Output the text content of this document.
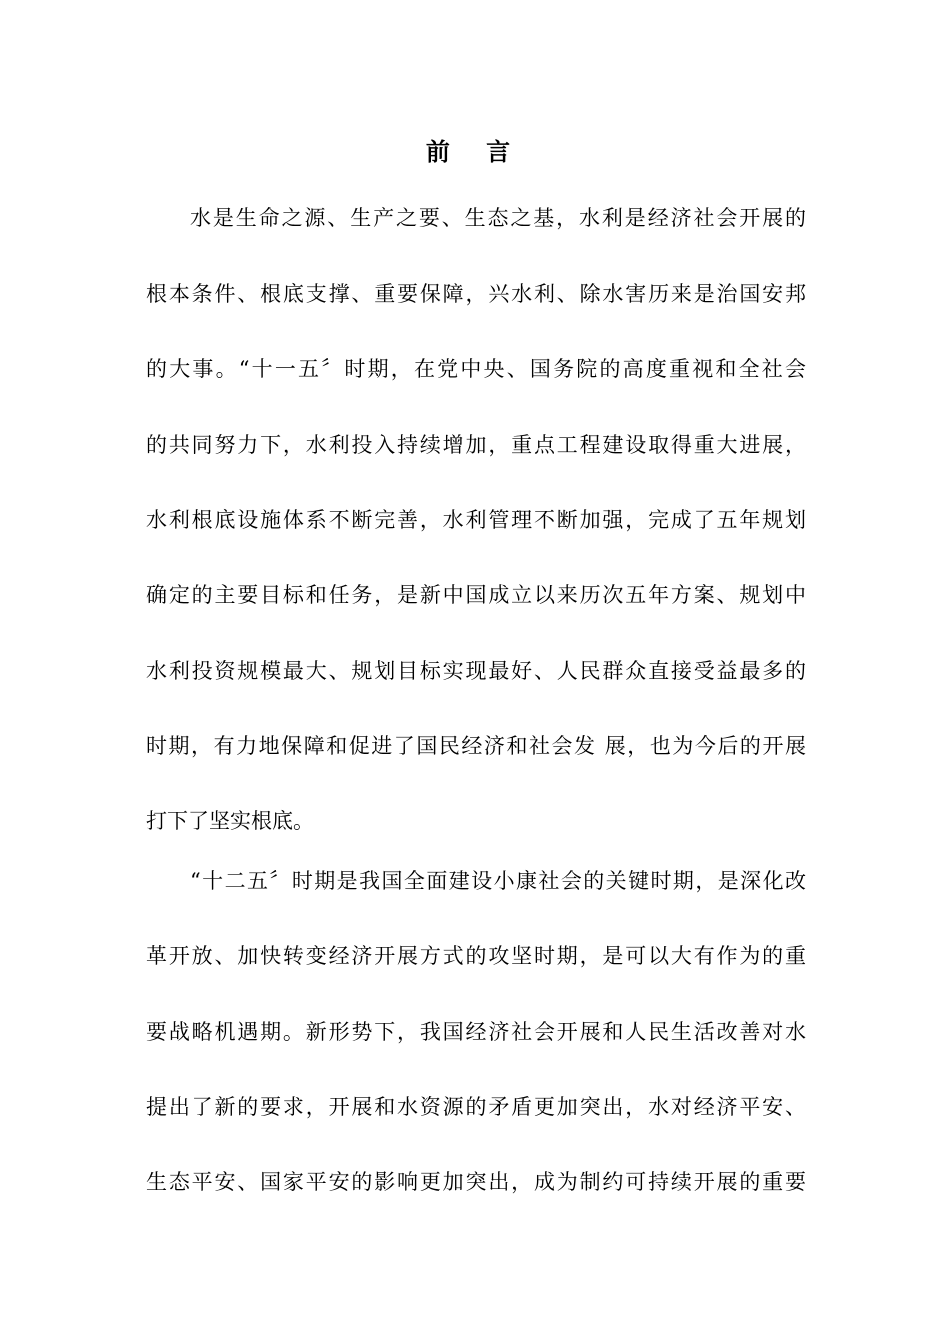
前 言
水是生命之源、生产之要、生态之基，水利是经济社会开展的
根本条件、根底支撑、重要保障，兴水利、除水害历来是治国安邦
的大事。“十一五〞时期，在党中央、国务院的高度重视和全社会
的共同努力下，水利投入持续增加，重点工程建设取得重大进展，
水利根底设施体系不断完善，水利管理不断加强，完成了五年规划
确定的主要目标和任务，是新中国成立以来历次五年方案、规划中
水利投资规模最大、规划目标实现最好、人民群众直接受益最多的
时期，有力地保障和促进了国民经济和社会发 展，也为今后的开展
打下了坚实根底。
“十二五〞时期是我国全面建设小康社会的关键时期，是深化改
革开放、加快转变经济开展方式的攻坚时期，是可以大有作为的重
要战略机遇期。新形势下，我国经济社会开展和人民生活改善对水
提出了新的要求，开展和水资源的矛盾更加突出，水对经济平安、
生态平安、国家平安的影响更加突出，成为制约可持续开展的重要
